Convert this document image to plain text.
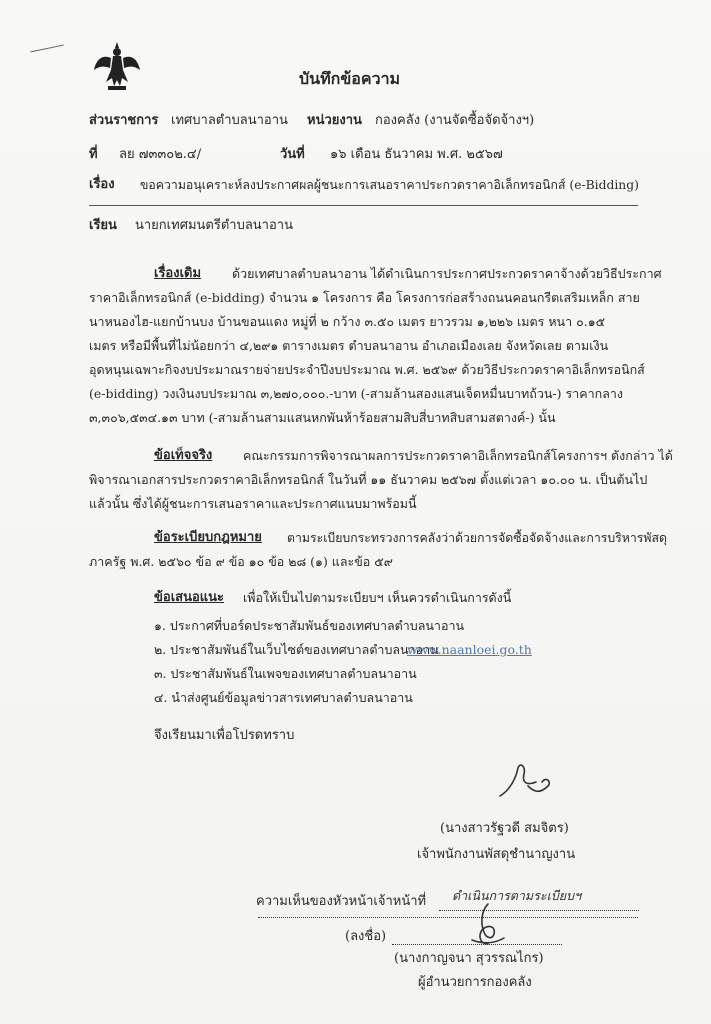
บันทึกข้อความ
ส่วนราชการ เทศบาลตำบลนาอาน หน่วยงาน กองคลัง (งานจัดซื้อจัดจ้างฯ)
ที่ ลย ๗๓๓๐๒.๔/	วันที่ ๑๖ เดือน ธันวาคม พ.ศ. ๒๕๖๗
เรื่อง ขอความอนุเคราะห์ลงประกาศผลผู้ชนะการเสนอราคาประกวดราคาอิเล็กทรอนิกส์ (e-Bidding)
เรียน นายกเทศมนตรีตำบลนาอาน
เรื่องเดิม ด้วยเทศบาลตำบลนาอาน ได้ดำเนินการประกาศประกวดราคาจ้างด้วยวิธีประกาศ
ราคาอิเล็กทรอนิกส์ (e-bidding) จำนวน ๑ โครงการ คือ โครงการก่อสร้างถนนคอนกรีตเสริมเหล็ก สาย
นาหนองไฮ-แยกบ้านบง บ้านขอนแดง หมู่ที่ ๒ กว้าง ๓.๕๐ เมตร ยาวรวม ๑,๒๒๖ เมตร หนา ๐.๑๕
เมตร หรือมีพื้นที่ไม่น้อยกว่า ๔,๒๙๑ ตารางเมตร ตำบลนาอาน อำเภอเมืองเลย จังหวัดเลย ตามเงิน
อุดหนุนเฉพาะกิจงบประมาณรายจ่ายประจำปีงบประมาณ พ.ศ. ๒๕๖๙ ด้วยวิธีประกวดราคาอิเล็กทรอนิกส์
(e-bidding) วงเงินงบประมาณ ๓,๒๗๐,๐๐๐.-บาท (-สามล้านสองแสนเจ็ดหมื่นบาทถ้วน-) ราคากลาง
๓,๓๐๖,๕๓๔.๑๓ บาท (-สามล้านสามแสนหกพันห้าร้อยสามสิบสี่บาทสิบสามสตางค์-) นั้น
ข้อเท็จจริง คณะกรรมการพิจารณาผลการประกวดราคาอิเล็กทรอนิกส์โครงการฯ ดังกล่าว ได้
พิจารณาเอกสารประกวดราคาอิเล็กทรอนิกส์ ในวันที่ ๑๑ ธันวาคม ๒๕๖๗ ตั้งแต่เวลา ๑๐.๐๐ น. เป็นต้นไป
แล้วนั้น ซึ่งได้ผู้ชนะการเสนอราคาและประกาศแนบมาพร้อมนี้
ข้อระเบียบกฎหมาย ตามระเบียบกระทรวงการคลังว่าด้วยการจัดซื้อจัดจ้างและการบริหารพัสดุ
ภาครัฐ พ.ศ. ๒๕๖๐ ข้อ ๙ ข้อ ๑๐ ข้อ ๒๘ (๑) และข้อ ๕๙
ข้อเสนอแนะ เพื่อให้เป็นไปตามระเบียบฯ เห็นควรดำเนินการดังนี้
๑. ประกาศที่บอร์ดประชาสัมพันธ์ของเทศบาลตำบลนาอาน
๒. ประชาสัมพันธ์ในเว็บไซต์ของเทศบาลตำบลนาอาน
www.naanloei.go.th
๓. ประชาสัมพันธ์ในเพจของเทศบาลตำบลนาอาน
๔. นำส่งศูนย์ข้อมูลข่าวสารเทศบาลตำบลนาอาน
จึงเรียนมาเพื่อโปรดทราบ
(นางสาวรัฐวดี สมจิตร)
เจ้าพนักงานพัสดุชำนาญงาน
ความเห็นของหัวหน้าเจ้าหน้าที่ ดำเนินการตามระเบียบฯ
(ลงชื่อ)
(นางกาญจนา สุวรรณไกร)
ผู้อำนวยการกองคลัง
